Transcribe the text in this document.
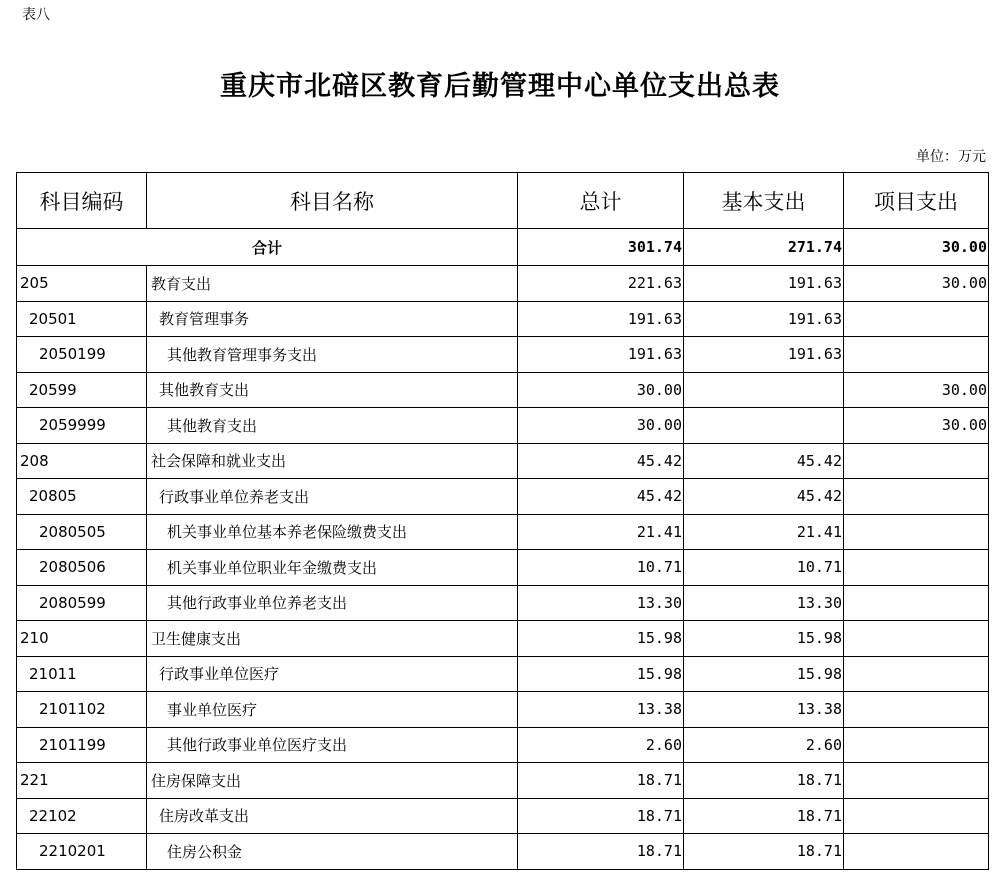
表八
重庆市北碚区教育后勤管理中心单位支出总表
单位：万元
科目编码	科目名称	总计	基本支出	项目支出
合计		301.74	271.74	30.00
205	教育支出	221.63	191.63	30.00
20501	教育管理事务	191.63	191.63	
2050199	其他教育管理事务支出	191.63	191.63	
20599	其他教育支出	30.00		30.00
2059999	其他教育支出	30.00		30.00
208	社会保障和就业支出	45.42	45.42	
20805	行政事业单位养老支出	45.42	45.42	
2080505	机关事业单位基本养老保险缴费支出	21.41	21.41	
2080506	机关事业单位职业年金缴费支出	10.71	10.71	
2080599	其他行政事业单位养老支出	13.30	13.30	
210	卫生健康支出	15.98	15.98	
21011	行政事业单位医疗	15.98	15.98	
2101102	事业单位医疗	13.38	13.38	
2101199	其他行政事业单位医疗支出	2.60	2.60	
221	住房保障支出	18.71	18.71	
22102	住房改革支出	18.71	18.71	
2210201	住房公积金	18.71	18.71	
